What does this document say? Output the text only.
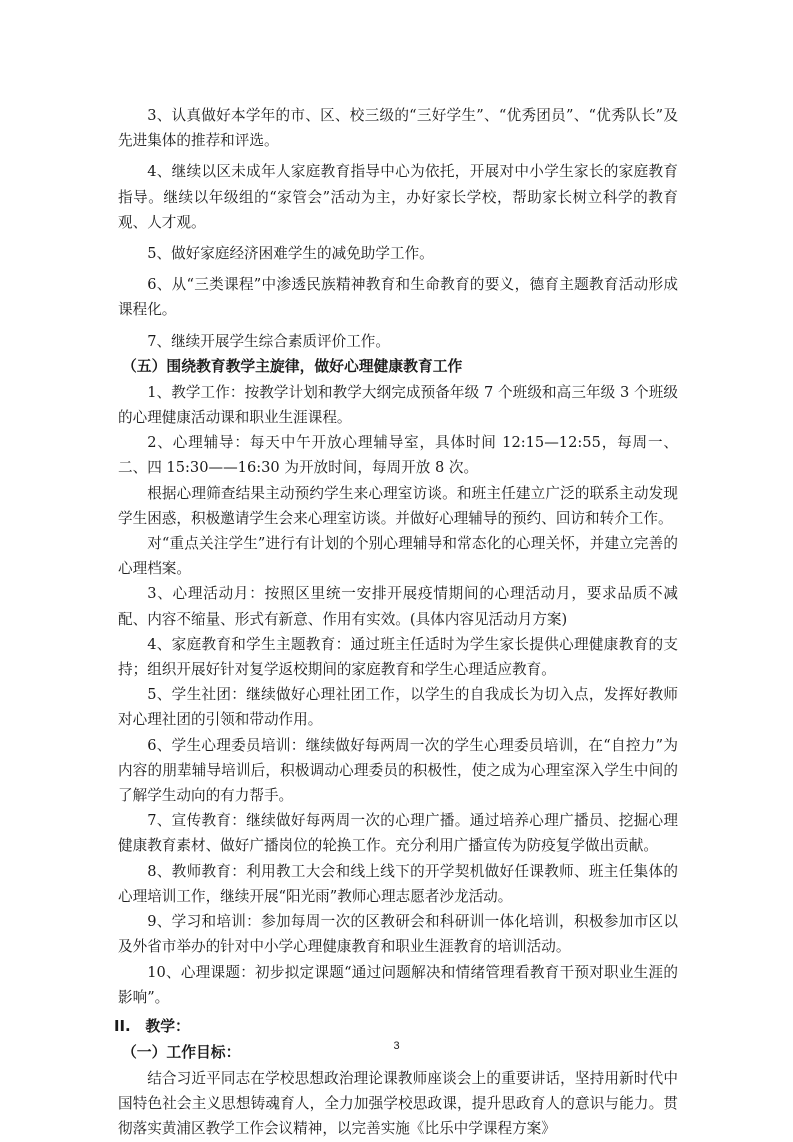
3、认真做好本学年的市、区、校三级的“三好学生”、“优秀团员”、“优秀队长”及先进集体的推荐和评选。

4、继续以区未成年人家庭教育指导中心为依托，开展对中小学生家长的家庭教育指导。继续以年级组的“家管会”活动为主，办好家长学校，帮助家长树立科学的教育观、人才观。

5、做好家庭经济困难学生的减免助学工作。

6、从“三类课程”中渗透民族精神教育和生命教育的要义，德育主题教育活动形成课程化。

7、继续开展学生综合素质评价工作。

（五）围绕教育教学主旋律，做好心理健康教育工作

1、教学工作：按教学计划和教学大纲完成预备年级 7 个班级和高三年级 3 个班级的心理健康活动课和职业生涯课程。

2、心理辅导：每天中午开放心理辅导室，具体时间 12:15—12:55，每周一、二、四 15:30——16:30 为开放时间，每周开放 8 次。

根据心理筛查结果主动预约学生来心理室访谈。和班主任建立广泛的联系主动发现学生困惑，积极邀请学生会来心理室访谈。并做好心理辅导的预约、回访和转介工作。

对“重点关注学生”进行有计划的个别心理辅导和常态化的心理关怀，并建立完善的心理档案。

3、心理活动月：按照区里统一安排开展疫情期间的心理活动月，要求品质不减配、内容不缩量、形式有新意、作用有实效。(具体内容见活动月方案)

4、家庭教育和学生主题教育：通过班主任适时为学生家长提供心理健康教育的支持；组织开展好针对复学返校期间的家庭教育和学生心理适应教育。

5、学生社团：继续做好心理社团工作，以学生的自我成长为切入点，发挥好教师对心理社团的引领和带动作用。

6、学生心理委员培训：继续做好每两周一次的学生心理委员培训，在“自控力”为内容的朋辈辅导培训后，积极调动心理委员的积极性，使之成为心理室深入学生中间的了解学生动向的有力帮手。

7、宣传教育：继续做好每两周一次的心理广播。通过培养心理广播员、挖掘心理健康教育素材、做好广播岗位的轮换工作。充分利用广播宣传为防疫复学做出贡献。

8、教师教育：利用教工大会和线上线下的开学契机做好任课教师、班主任集体的心理培训工作，继续开展“阳光雨”教师心理志愿者沙龙活动。

9、学习和培训：参加每周一次的区教研会和科研训一体化培训，积极参加市区以及外省市举办的针对中小学心理健康教育和职业生涯教育的培训活动。

10、心理课题：初步拟定课题“通过问题解决和情绪管理看教育干预对职业生涯的影响”。

II.　教学：
（一）工作目标：

结合习近平同志在学校思想政治理论课教师座谈会上的重要讲话，坚持用新时代中国特色社会主义思想铸魂育人，全力加强学校思政课，提升思政育人的意识与能力。贯彻落实黄浦区教学工作会议精神，以完善实施《比乐中学课程方案》

3
